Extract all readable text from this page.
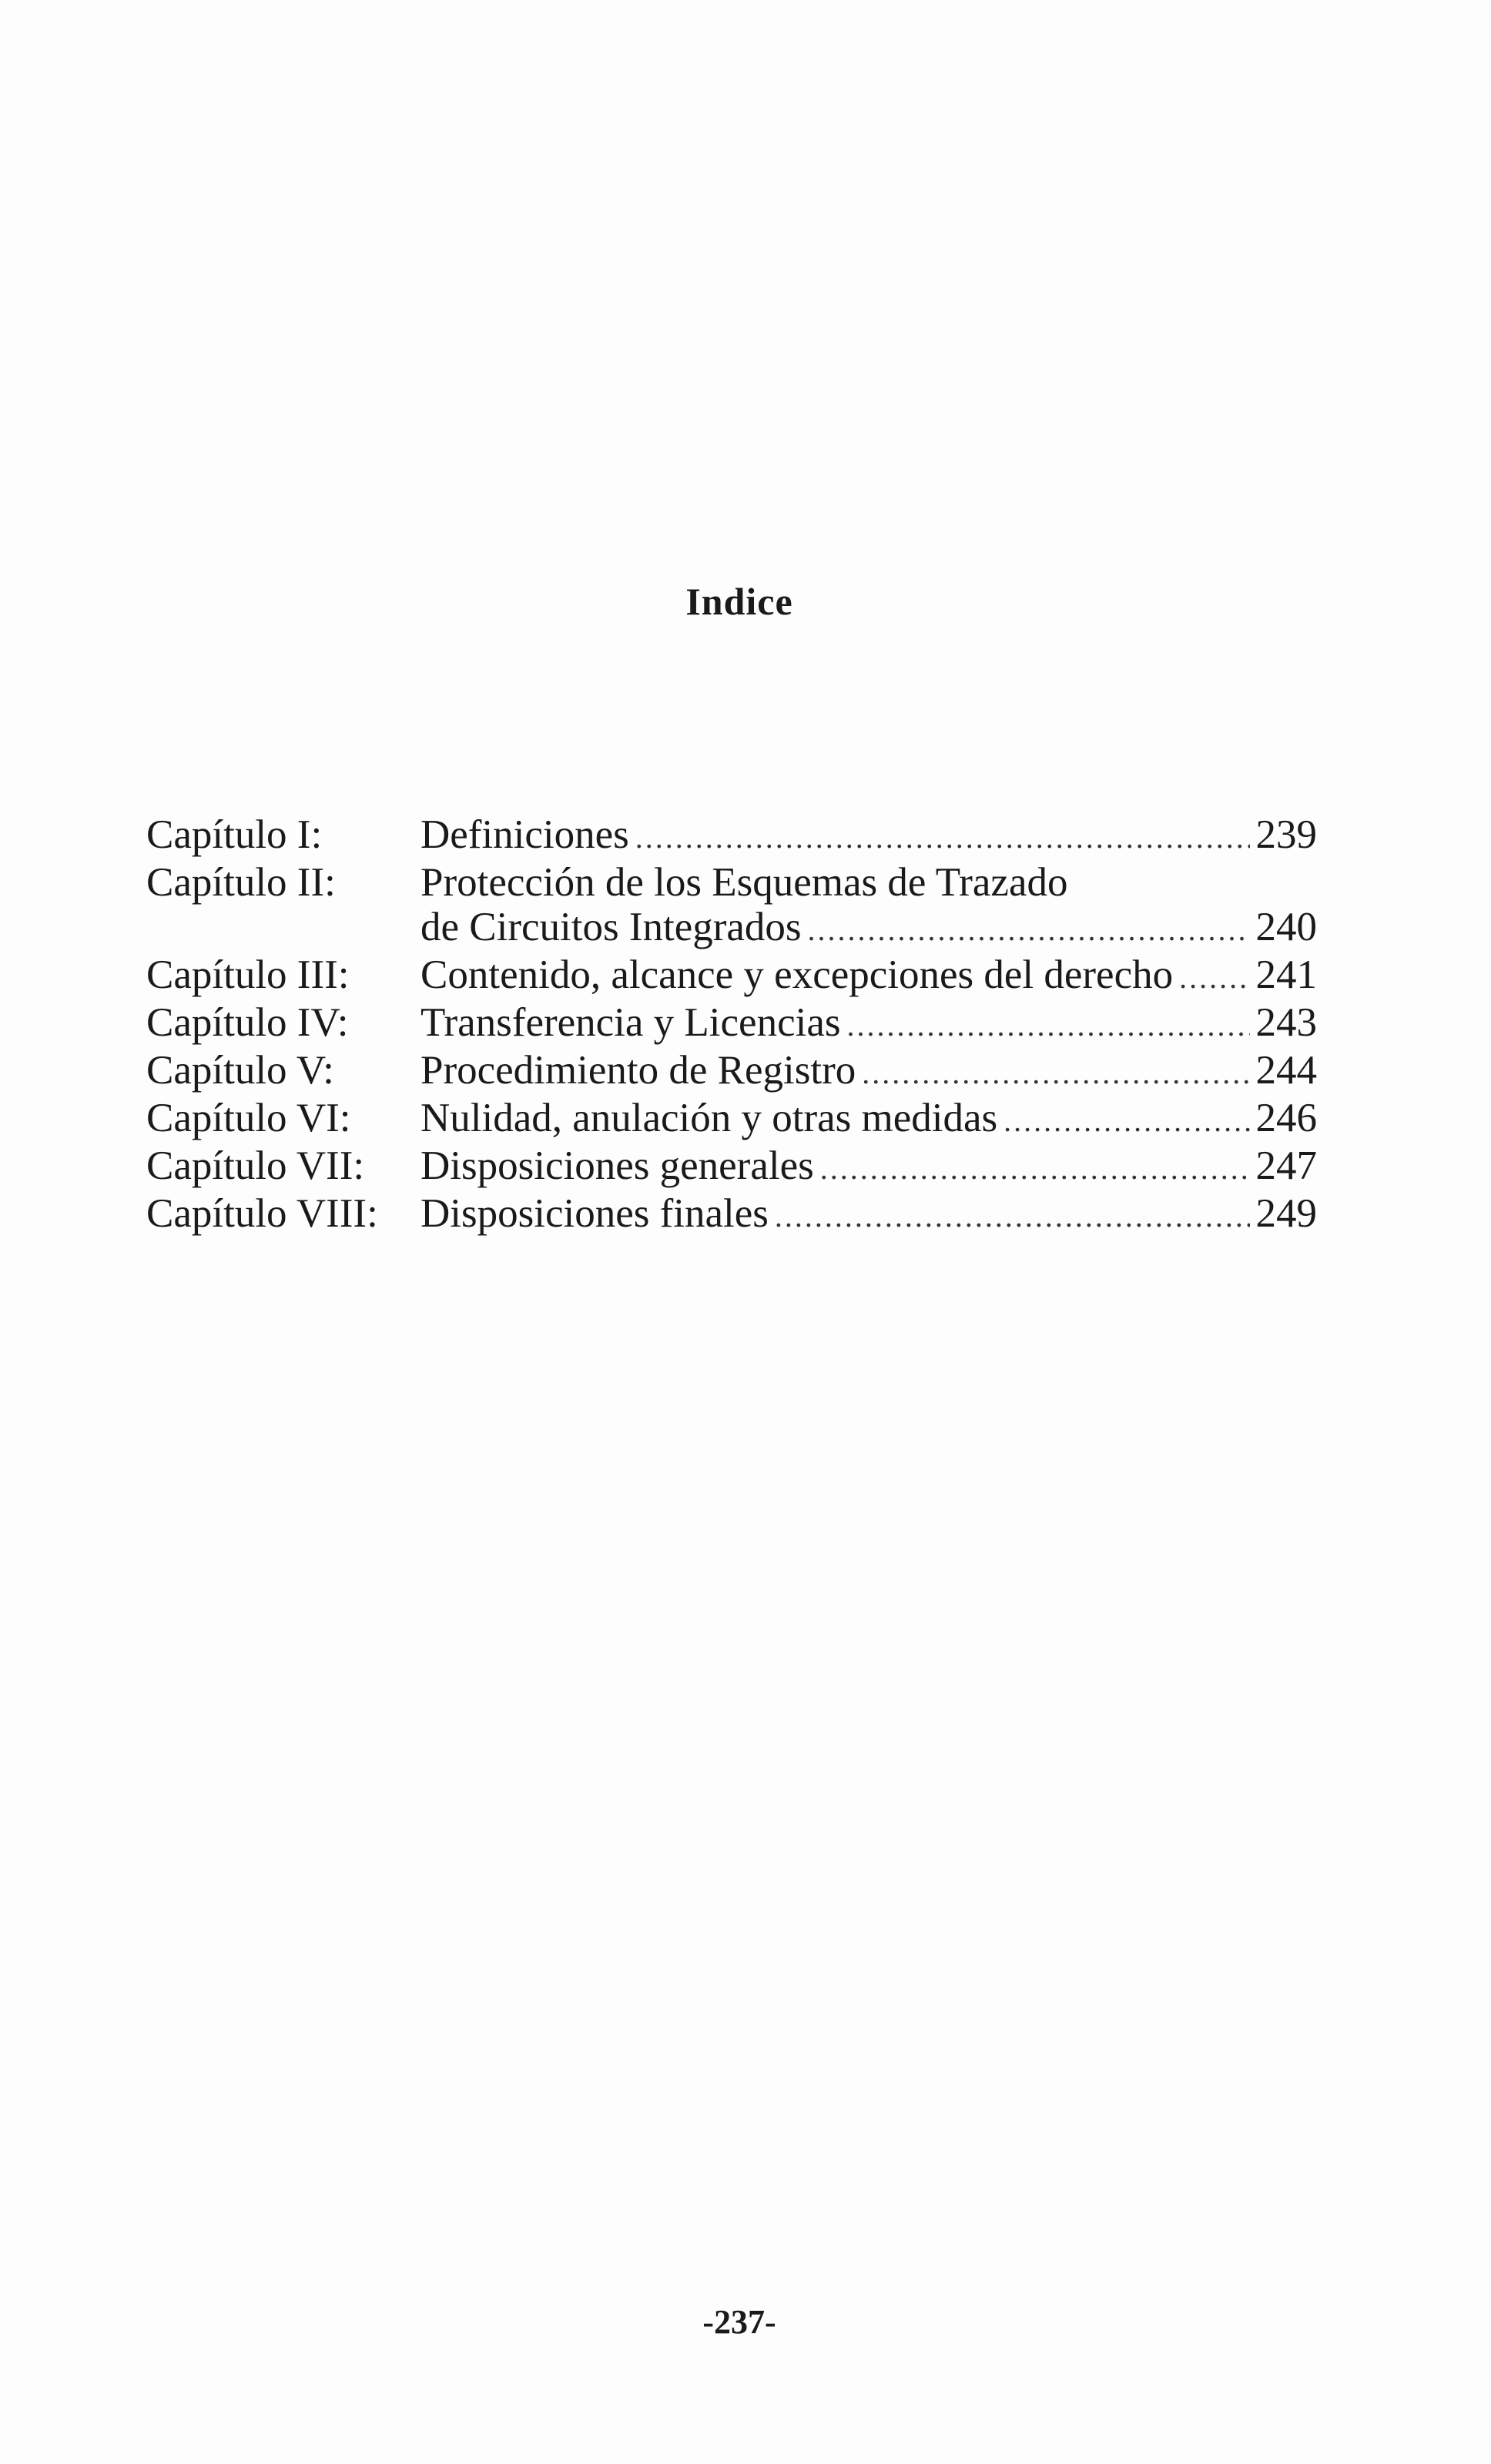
Indice
Capítulo I:	Definiciones .....	239
Capítulo II:	Protección de los Esquemas de Trazado
de Circuitos Integrados .....	240
Capítulo III:	Contenido, alcance y excepciones del derecho ..... 241
Capítulo IV:	Transferencia y Licencias .....	243
Capítulo V:	Procedimiento de Registro .....	244
Capítulo VI:	Nulidad, anulación y otras medidas .....	246
Capítulo VII:	Disposiciones generales .....	247
Capítulo VIII:	Disposiciones finales .....	249
-237-
